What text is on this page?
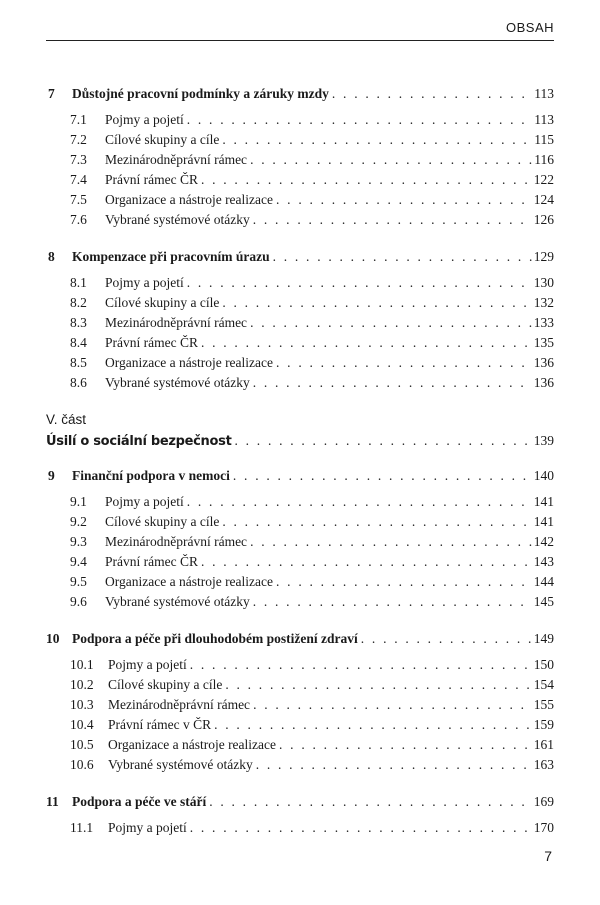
OBSAH
7	Důstojné pracovní podmínky a záruky mzdy . . .	113
7.1	Pojmy a pojetí . . .	113
7.2	Cílové skupiny a cíle . . .	115
7.3	Mezinárodněprávní rámec . . .	116
7.4	Právní rámec ČR . . .	122
7.5	Organizace a nástroje realizace . . .	124
7.6	Vybrané systémové otázky . . .	126
8	Kompenzace při pracovním úrazu . . .	129
8.1	Pojmy a pojetí . . .	130
8.2	Cílové skupiny a cíle . . .	132
8.3	Mezinárodněprávní rámec . . .	133
8.4	Právní rámec ČR . . .	135
8.5	Organizace a nástroje realizace . . .	136
8.6	Vybrané systémové otázky . . .	136
V. část
Úsilí o sociální bezpečnost . . .	139
9	Finanční podpora v nemoci . . .	140
9.1	Pojmy a pojetí . . .	141
9.2	Cílové skupiny a cíle . . .	141
9.3	Mezinárodněprávní rámec . . .	142
9.4	Právní rámec ČR . . .	143
9.5	Organizace a nástroje realizace . . .	144
9.6	Vybrané systémové otázky . . .	145
10 Podpora a péče při dlouhodobém postižení zdraví . . .	149
10.1	Pojmy a pojetí . . .	150
10.2	Cílové skupiny a cíle . . .	154
10.3	Mezinárodněprávní rámec . . .	155
10.4	Právní rámec v ČR . . .	159
10.5	Organizace a nástroje realizace . . .	161
10.6	Vybrané systémové otázky . . .	163
11 Podpora a péče ve stáří . . .	169
11.1	Pojmy a pojetí . . .	170
7
